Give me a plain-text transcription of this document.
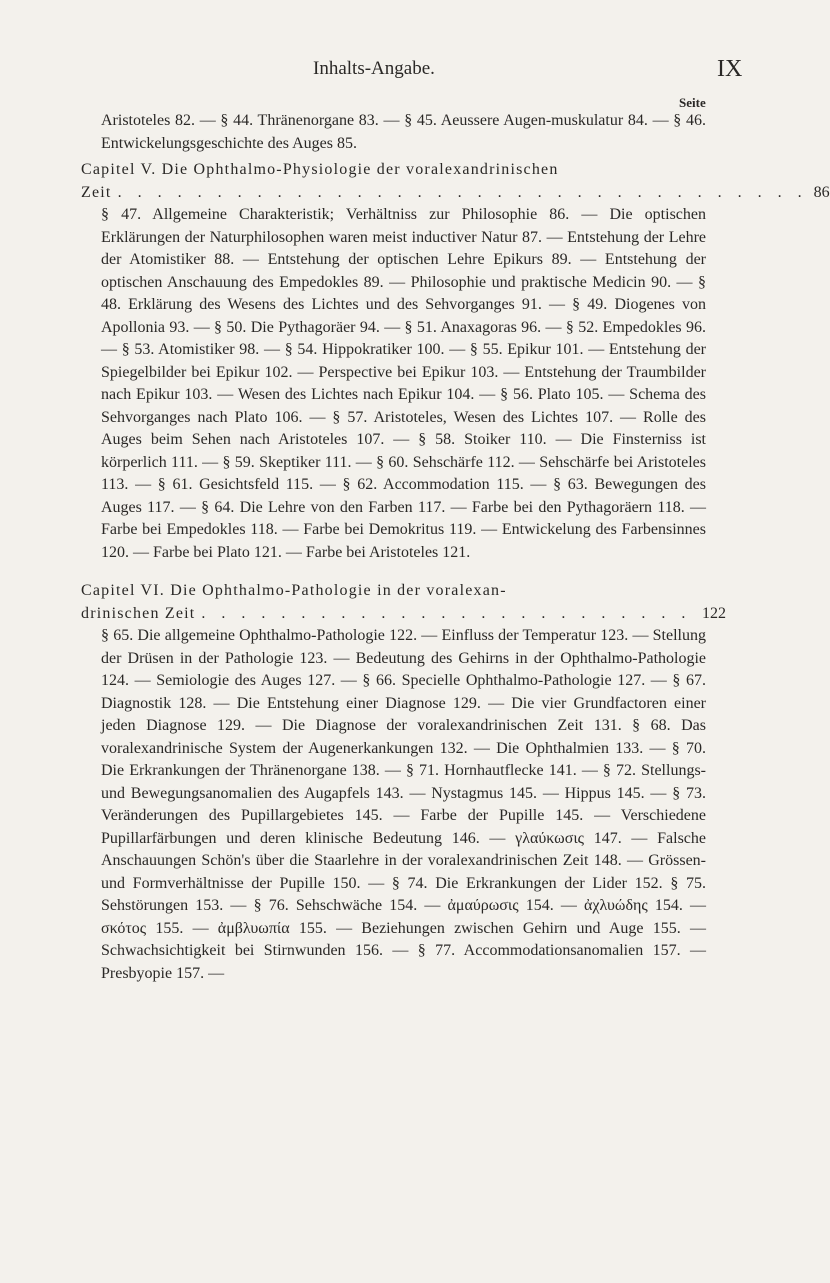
Inhalts-Angabe.	IX
Seite
Aristoteles 82. — § 44. Thränenorgane 83. — § 45. Aeussere Augen-muskulatur 84. — § 46. Entwickelungsgeschichte des Auges 85.
Capitel V. Die Ophthalmo-Physiologie der voralexandrinischen
Zeit . . . . . . . . . . . . . . . . . . . . . . . . . . . . . . . . . . . 86
§ 47. Allgemeine Charakteristik; Verhältniss zur Philosophie 86. — Die optischen Erklärungen der Naturphilosophen waren meist inductiver Natur 87. — Entstehung der Lehre der Atomistiker 88. — Entstehung der optischen Lehre Epikurs 89. — Entstehung der optischen Anschauung des Empedokles 89. — Philosophie und praktische Medicin 90. — § 48. Erklärung des Wesens des Lichtes und des Sehvorganges 91. — § 49. Diogenes von Apollonia 93. — § 50. Die Pythagoräer 94. — § 51. Anaxagoras 96. — § 52. Empedokles 96. — § 53. Atomistiker 98. — § 54. Hippokratiker 100. — § 55. Epikur 101. — Entstehung der Spiegelbilder bei Epikur 102. — Perspective bei Epikur 103. — Entstehung der Traumbilder nach Epikur 103. — Wesen des Lichtes nach Epikur 104. — § 56. Plato 105. — Schema des Sehvorganges nach Plato 106. — § 57. Aristoteles, Wesen des Lichtes 107. — Rolle des Auges beim Sehen nach Aristoteles 107. — § 58. Stoiker 110. — Die Finsterniss ist körperlich 111. — § 59. Skeptiker 111. — § 60. Sehschärfe 112. — Sehschärfe bei Aristoteles 113. — § 61. Gesichtsfeld 115. — § 62. Accommodation 115. — § 63. Bewegungen des Auges 117. — § 64. Die Lehre von den Farben 117. — Farbe bei den Pythagoräern 118. — Farbe bei Empedokles 118. — Farbe bei Demokritus 119. — Entwickelung des Farbensinnes 120. — Farbe bei Plato 121. — Farbe bei Aristoteles 121.
Capitel VI. Die Ophthalmo-Pathologie in der voralexan-
drinischen Zeit . . . . . . . . . . . . . . . . . . . . . . . . . 122
§ 65. Die allgemeine Ophthalmo-Pathologie 122. — Einfluss der Temperatur 123. — Stellung der Drüsen in der Pathologie 123. — Bedeutung des Gehirns in der Ophthalmo-Pathologie 124. — Semiologie des Auges 127. — § 66. Specielle Ophthalmo-Pathologie 127. — § 67. Diagnostik 128. — Die Entstehung einer Diagnose 129. — Die vier Grundfactoren einer jeden Diagnose 129. — Die Diagnose der voralexandrinischen Zeit 131. § 68. Das voralexandrinische System der Augenerkankungen 132. — Die Ophthalmien 133. — § 70. Die Erkrankungen der Thränenorgane 138. — § 71. Hornhautflecke 141. — § 72. Stellungs- und Bewegungsanomalien des Augapfels 143. — Nystagmus 145. — Hippus 145. — § 73. Veränderungen des Pupillargebietes 145. — Farbe der Pupille 145. — Verschiedene Pupillarfärbungen und deren klinische Bedeutung 146. — γλαύκωσις 147. — Falsche Anschauungen Schön's über die Staarlehre in der voralexandrinischen Zeit 148. — Grössen- und Formverhältnisse der Pupille 150. — § 74. Die Erkrankungen der Lider 152. § 75. Sehstörungen 153. — § 76. Sehschwäche 154. — ἀμαύρωσις 154. — ἀχλυώδης 154. — σκότος 155. — ἀμβλυωπία 155. — Beziehungen zwischen Gehirn und Auge 155. — Schwachsichtigkeit bei Stirnwunden 156. — § 77. Accommodationsanomalien 157. — Presbyopie 157. —
